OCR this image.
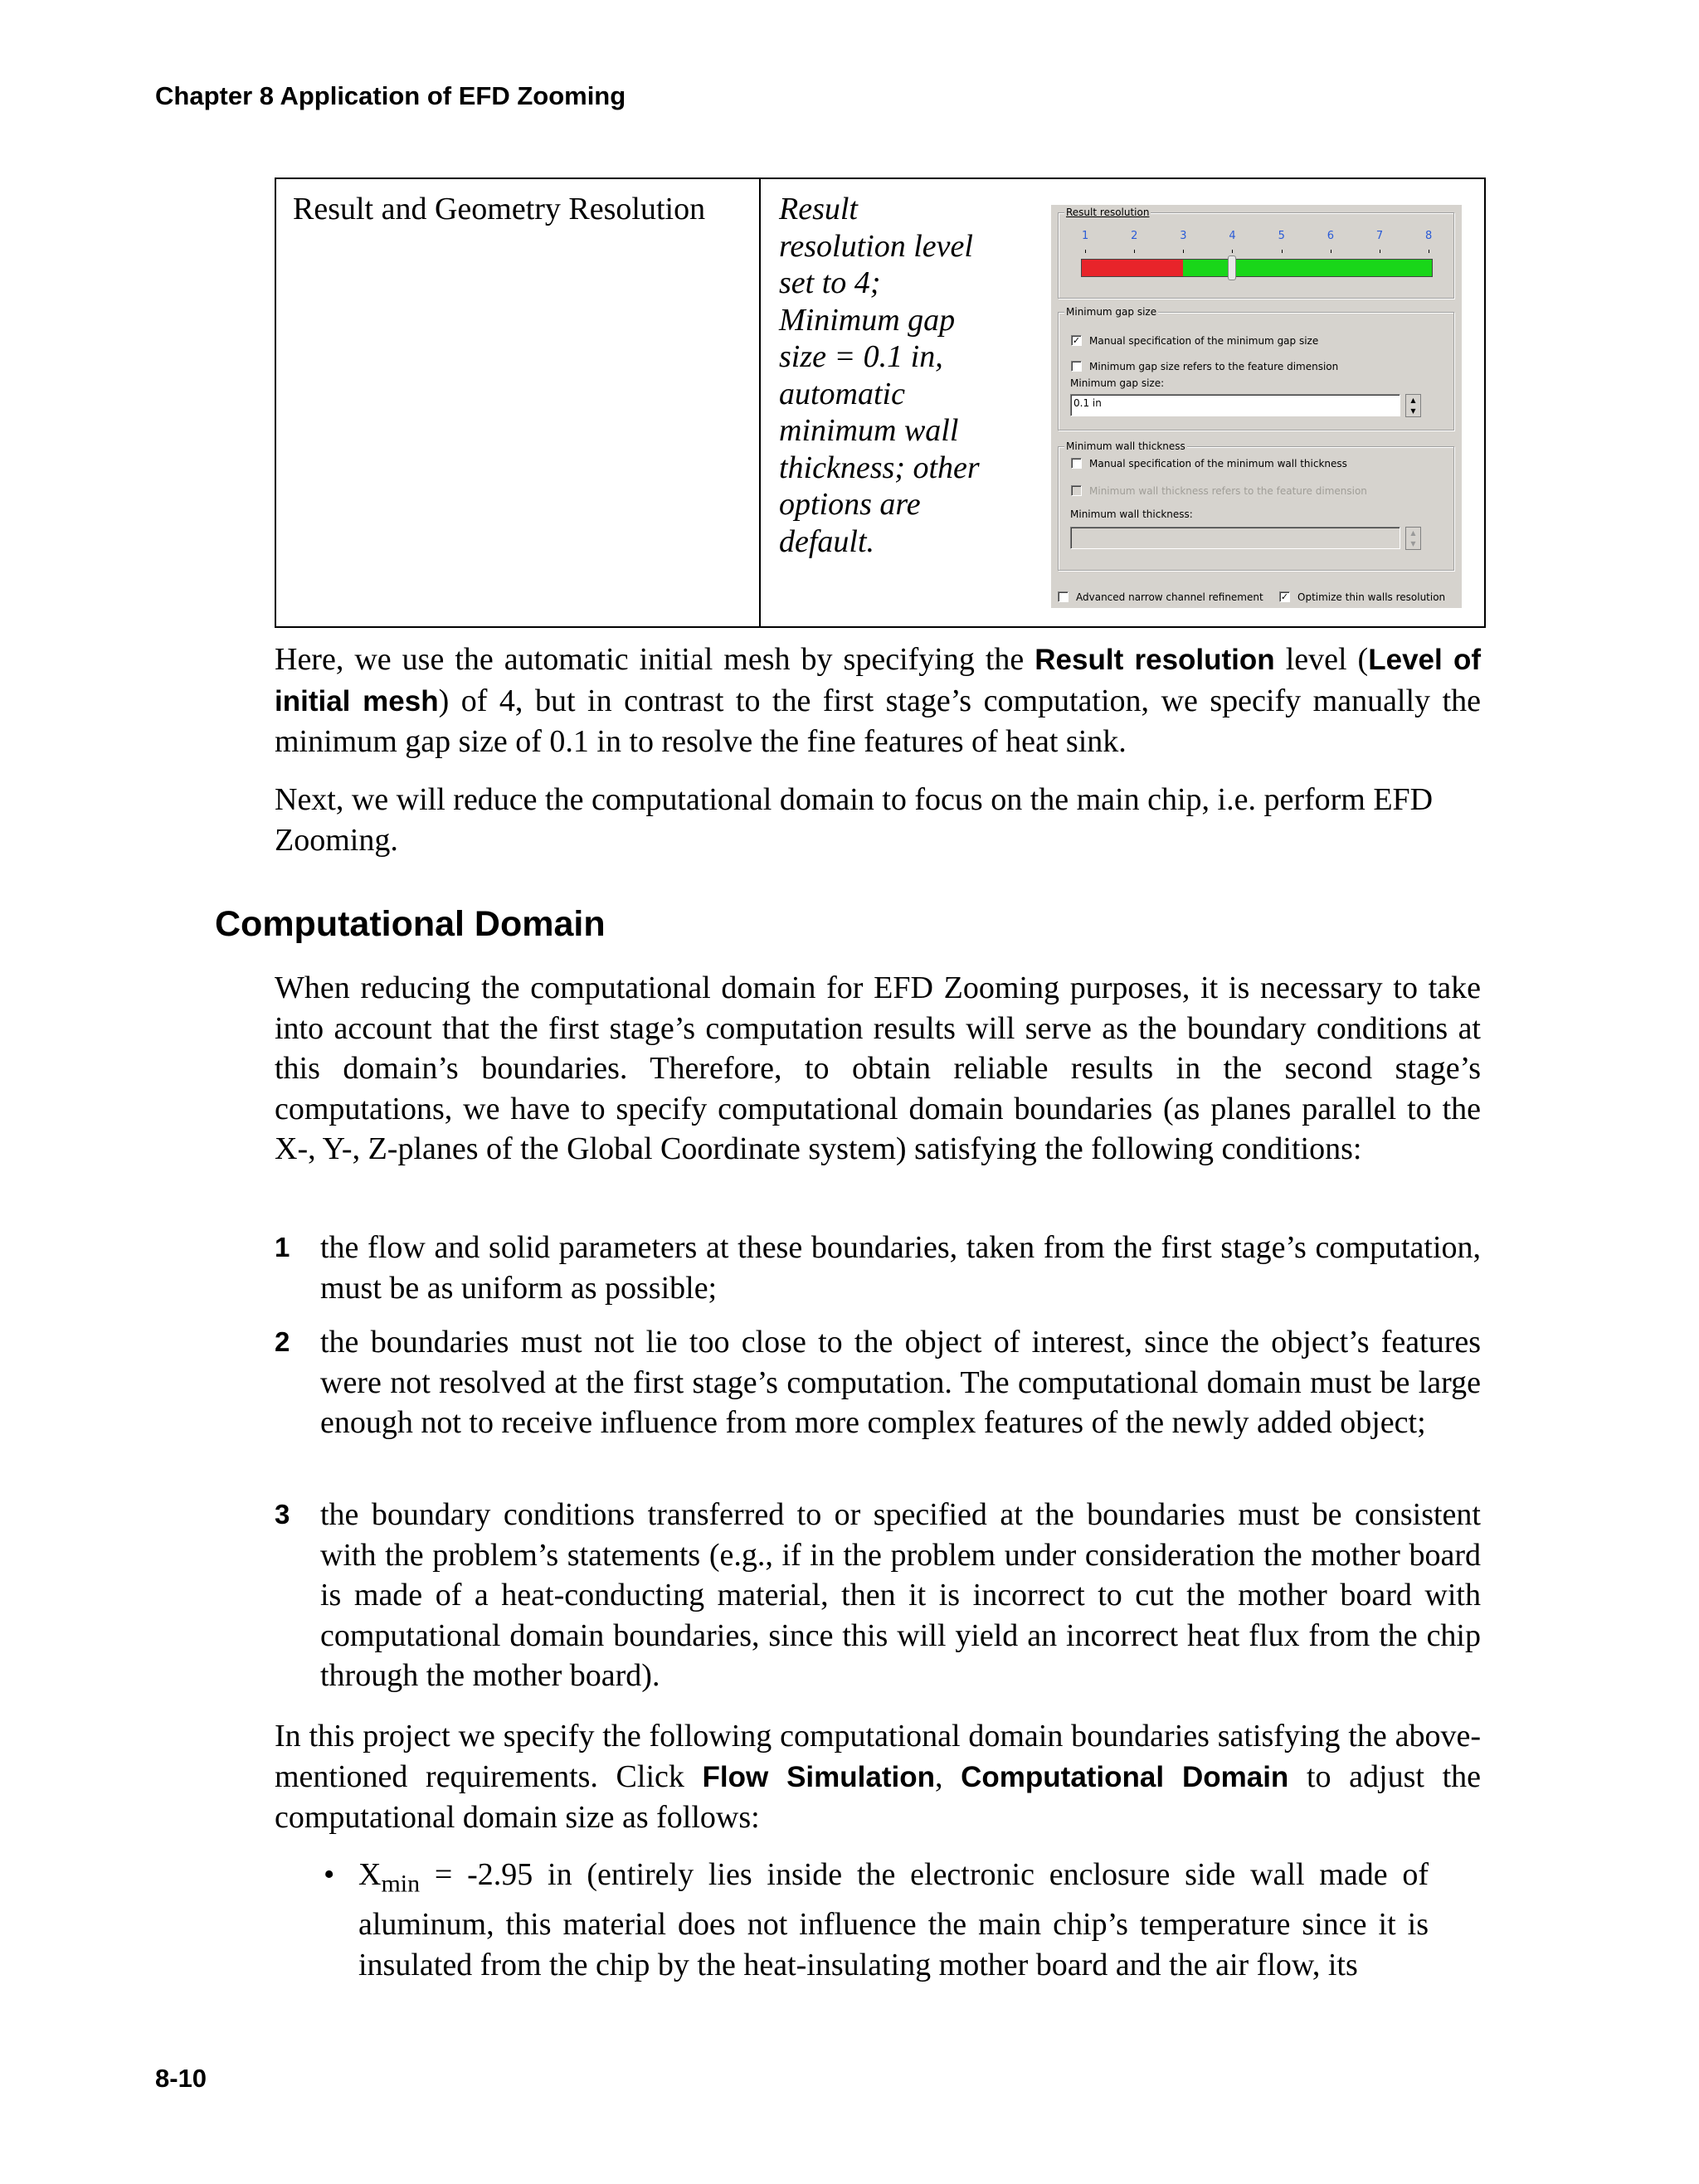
Chapter 8 Application of EFD Zooming
Result and Geometry Resolution	Result resolution level set to 4; Minimum gap size = 0.1 in, automatic minimum wall thickness; other options are default.
Result resolution
1	2	3	4	5	6	7	8
Minimum gap size
✓ Manual specification of the minimum gap size
Minimum gap size refers to the feature dimension
Minimum gap size:
0.1 in	▲
▼
Minimum wall thickness
Manual specification of the minimum wall thickness
Minimum wall thickness refers to the feature dimension
Minimum wall thickness:
▲
▼
Advanced narrow channel refinement ✓ Optimize thin walls resolution
Here, we use the automatic initial mesh by specifying the Result resolution level (Level of initial mesh) of 4, but in contrast to the first stage’s computation, we specify manually the minimum gap size of 0.1 in to resolve the fine features of heat sink.
Next, we will reduce the computational domain to focus on the main chip, i.e. perform EFD Zooming.
Computational Domain
When reducing the computational domain for EFD Zooming purposes, it is necessary to take into account that the first stage’s computation results will serve as the boundary conditions at this domain’s boundaries. Therefore, to obtain reliable results in the second stage’s computations, we have to specify computational domain boundaries (as planes parallel to the X-, Y-, Z-planes of the Global Coordinate system) satisfying the following conditions:
1 the flow and solid parameters at these boundaries, taken from the first stage’s computation, must be as uniform as possible;
2 the boundaries must not lie too close to the object of interest, since the object’s features were not resolved at the first stage’s computation. The computational domain must be large enough not to receive influence from more complex features of the newly added object;
3 the boundary conditions transferred to or specified at the boundaries must be consistent with the problem’s statements (e.g., if in the problem under consideration the mother board is made of a heat-conducting material, then it is incorrect to cut the mother board with computational domain boundaries, since this will yield an incorrect heat flux from the chip through the mother board).
In this project we specify the following computational domain boundaries satisfying the above-mentioned requirements. Click Flow Simulation, Computational Domain to adjust the computational domain size as follows:
• $X_{min} = -2.95$ in (entirely lies inside the electronic enclosure side wall made of aluminum, this material does not influence the main chip’s temperature since it is insulated from the chip by the heat-insulating mother board and the air flow, its
8-10
